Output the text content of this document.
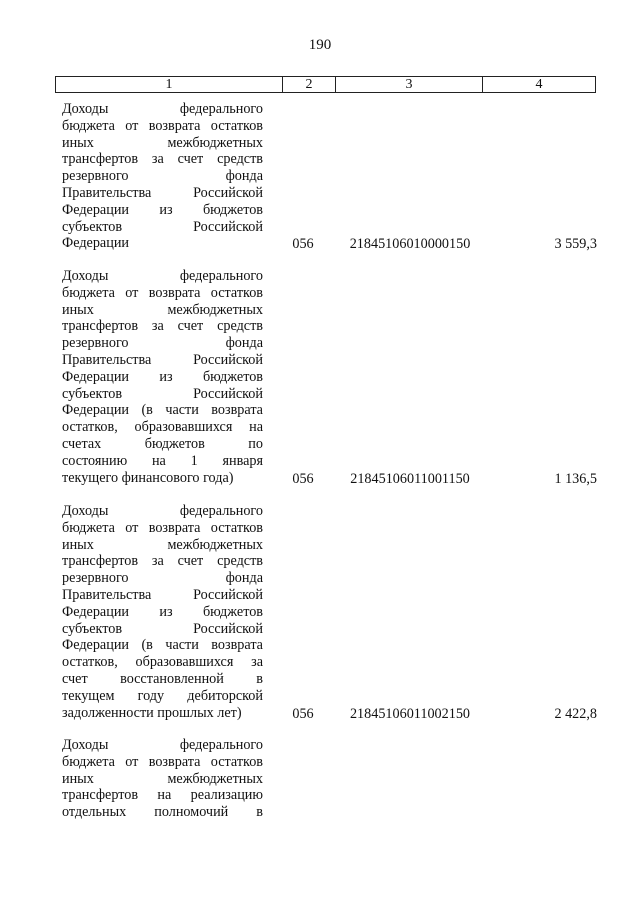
190
1	2	3	4
Доходы федерального
бюджета от возврата остатков
иных межбюджетных
трансфертов за счет средств
резервного фонда
Правительства Российской
Федерации из бюджетов
субъектов Российской
Федерации	056	21845106010000150	3 559,3
Доходы федерального
бюджета от возврата остатков
иных межбюджетных
трансфертов за счет средств
резервного фонда
Правительства Российской
Федерации из бюджетов
субъектов Российской
Федерации (в части возврата
остатков, образовавшихся на
счетах бюджетов по
состоянию на 1 января
текущего финансового года)	056	21845106011001150	1 136,5
Доходы федерального
бюджета от возврата остатков
иных межбюджетных
трансфертов за счет средств
резервного фонда
Правительства Российской
Федерации из бюджетов
субъектов Российской
Федерации (в части возврата
остатков, образовавшихся за
счет восстановленной в
текущем году дебиторской
задолженности прошлых лет)	056	21845106011002150	2 422,8
Доходы федерального
бюджета от возврата остатков
иных межбюджетных
трансфертов на реализацию
отдельных полномочий в
